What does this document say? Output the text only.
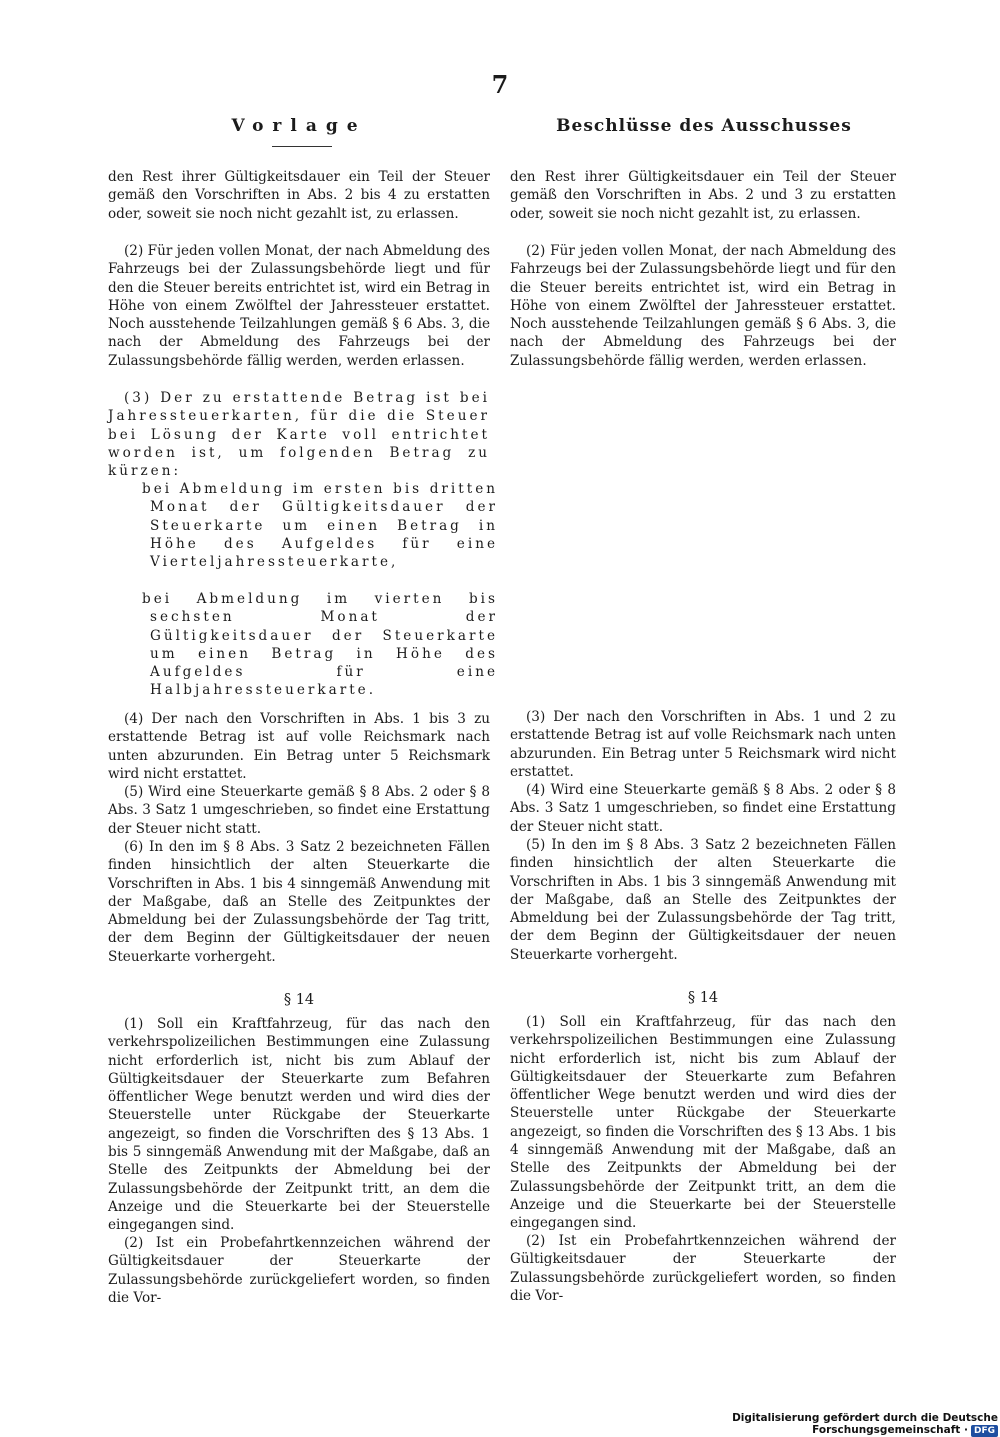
7
Vorlage	Beschlüsse des Ausschusses

den Rest ihrer Gültigkeitsdauer ein Teil der Steuer gemäß den Vorschriften in Abs. 2 bis 4 zu erstatten oder, soweit sie noch nicht gezahlt ist, zu erlassen.

(2) Für jeden vollen Monat, der nach Abmeldung des Fahrzeugs bei der Zulassungsbehörde liegt und für den die Steuer bereits entrichtet ist, wird ein Betrag in Höhe von einem Zwölftel der Jahressteuer erstattet. Noch ausstehende Teilzahlungen gemäß § 6 Abs. 3, die nach der Abmeldung des Fahrzeugs bei der Zulassungsbehörde fällig werden, werden erlassen.

(3) Der zu erstattende Betrag ist bei Jahressteuerkarten, für die die Steuer bei Lösung der Karte voll entrichtet worden ist, um folgenden Betrag zu kürzen:

bei Abmeldung im ersten bis dritten Monat der Gültigkeitsdauer der Steuerkarte um einen Betrag in Höhe des Aufgeldes für eine Vierteljahressteuerkarte,

bei Abmeldung im vierten bis sechsten Monat der Gültigkeitsdauer der Steuerkarte um einen Betrag in Höhe des Aufgeldes für eine Halbjahressteuerkarte.

(4) Der nach den Vorschriften in Abs. 1 bis 3 zu erstattende Betrag ist auf volle Reichsmark nach unten abzurunden. Ein Betrag unter 5 Reichsmark wird nicht erstattet.

(5) Wird eine Steuerkarte gemäß § 8 Abs. 2 oder § 8 Abs. 3 Satz 1 umgeschrieben, so findet eine Erstattung der Steuer nicht statt.

(6) In den im § 8 Abs. 3 Satz 2 bezeichneten Fällen finden hinsichtlich der alten Steuerkarte die Vorschriften in Abs. 1 bis 4 sinngemäß Anwendung mit der Maßgabe, daß an Stelle des Zeitpunktes der Abmeldung bei der Zulassungsbehörde der Tag tritt, der dem Beginn der Gültigkeitsdauer der neuen Steuerkarte vorhergeht.

§ 14

(1) Soll ein Kraftfahrzeug, für das nach den verkehrspolizeilichen Bestimmungen eine Zulassung nicht erforderlich ist, nicht bis zum Ablauf der Gültigkeitsdauer der Steuerkarte zum Befahren öffentlicher Wege benutzt werden und wird dies der Steuerstelle unter Rückgabe der Steuerkarte angezeigt, so finden die Vorschriften des § 13 Abs. 1 bis 5 sinngemäß Anwendung mit der Maßgabe, daß an Stelle des Zeitpunkts der Abmeldung bei der Zulassungsbehörde der Zeitpunkt tritt, an dem die Anzeige und die Steuerkarte bei der Steuerstelle eingegangen sind.

(2) Ist ein Probefahrtkennzeichen während der Gültigkeitsdauer der Steuerkarte der Zulassungsbehörde zurückgeliefert worden, so finden die Vor-

den Rest ihrer Gültigkeitsdauer ein Teil der Steuer gemäß den Vorschriften in Abs. 2 und 3 zu erstatten oder, soweit sie noch nicht gezahlt ist, zu erlassen.

(2) Für jeden vollen Monat, der nach Abmeldung des Fahrzeugs bei der Zulassungsbehörde liegt und für den die Steuer bereits entrichtet ist, wird ein Betrag in Höhe von einem Zwölftel der Jahressteuer erstattet. Noch ausstehende Teilzahlungen gemäß § 6 Abs. 3, die nach der Abmeldung des Fahrzeugs bei der Zulassungsbehörde fällig werden, werden erlassen.

(3) Der nach den Vorschriften in Abs. 1 und 2 zu erstattende Betrag ist auf volle Reichsmark nach unten abzurunden. Ein Betrag unter 5 Reichsmark wird nicht erstattet.

(4) Wird eine Steuerkarte gemäß § 8 Abs. 2 oder § 8 Abs. 3 Satz 1 umgeschrieben, so findet eine Erstattung der Steuer nicht statt.

(5) In den im § 8 Abs. 3 Satz 2 bezeichneten Fällen finden hinsichtlich der alten Steuerkarte die Vorschriften in Abs. 1 bis 3 sinngemäß Anwendung mit der Maßgabe, daß an Stelle des Zeitpunktes der Abmeldung bei der Zulassungsbehörde der Tag tritt, der dem Beginn der Gültigkeitsdauer der neuen Steuerkarte vorhergeht.

§ 14

(1) Soll ein Kraftfahrzeug, für das nach den verkehrspolizeilichen Bestimmungen eine Zulassung nicht erforderlich ist, nicht bis zum Ablauf der Gültigkeitsdauer der Steuerkarte zum Befahren öffentlicher Wege benutzt werden und wird dies der Steuerstelle unter Rückgabe der Steuerkarte angezeigt, so finden die Vorschriften des § 13 Abs. 1 bis 4 sinngemäß Anwendung mit der Maßgabe, daß an Stelle des Zeitpunkts der Abmeldung bei der Zulassungsbehörde der Zeitpunkt tritt, an dem die Anzeige und die Steuerkarte bei der Steuerstelle eingegangen sind.

(2) Ist ein Probefahrtkennzeichen während der Gültigkeitsdauer der Steuerkarte der Zulassungsbehörde zurückgeliefert worden, so finden die Vor-

Digitalisierung gefördert durch die Deutsche Forschungsgemeinschaft · DFG
